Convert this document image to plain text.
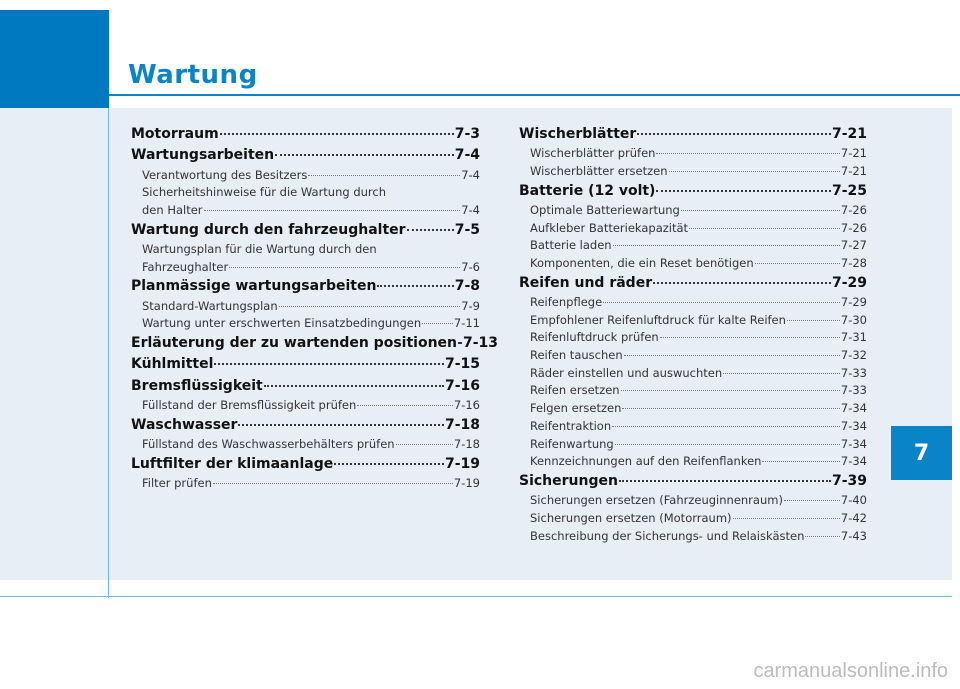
Wartung
Motorraum	7-3
Wartungsarbeiten	7-4
Verantwortung des Besitzers	7-4
Sicherheitshinweise für die Wartung durch
den Halter	7-4
Wartung durch den fahrzeughalter	7-5
Wartungsplan für die Wartung durch den
Fahrzeughalter	7-6
Planmässige wartungsarbeiten	7-8
Standard-Wartungsplan	7-9
Wartung unter erschwerten Einsatzbedingungen	7-11
Erläuterung der zu wartenden positionen 7-13
Kühlmittel	7-15
Bremsflüssigkeit	7-16
Füllstand der Bremsflüssigkeit prüfen	7-16
Waschwasser	7-18
Füllstand des Waschwasserbehälters prüfen	7-18
Luftfilter der klimaanlage	7-19
Filter prüfen	7-19
Wischerblätter	7-21
Wischerblätter prüfen	7-21
Wischerblätter ersetzen	7-21
Batterie (12 volt)	7-25
Optimale Batteriewartung	7-26
Aufkleber Batteriekapazität	7-26
Batterie laden	7-27
Komponenten, die ein Reset benötigen	7-28
Reifen und räder	7-29
Reifenpflege	7-29
Empfohlener Reifenluftdruck für kalte Reifen	7-30
Reifenluftdruck prüfen	7-31
Reifen tauschen	7-32
Räder einstellen und auswuchten	7-33
Reifen ersetzen	7-33
Felgen ersetzen	7-34
Reifentraktion	7-34
Reifenwartung	7-34
Kennzeichnungen auf den Reifenflanken	7-34
Sicherungen	7-39
Sicherungen ersetzen (Fahrzeuginnenraum)	7-40
Sicherungen ersetzen (Motorraum)	7-42
Beschreibung der Sicherungs- und Relaiskästen	7-43
7
carmanualsonline.info
